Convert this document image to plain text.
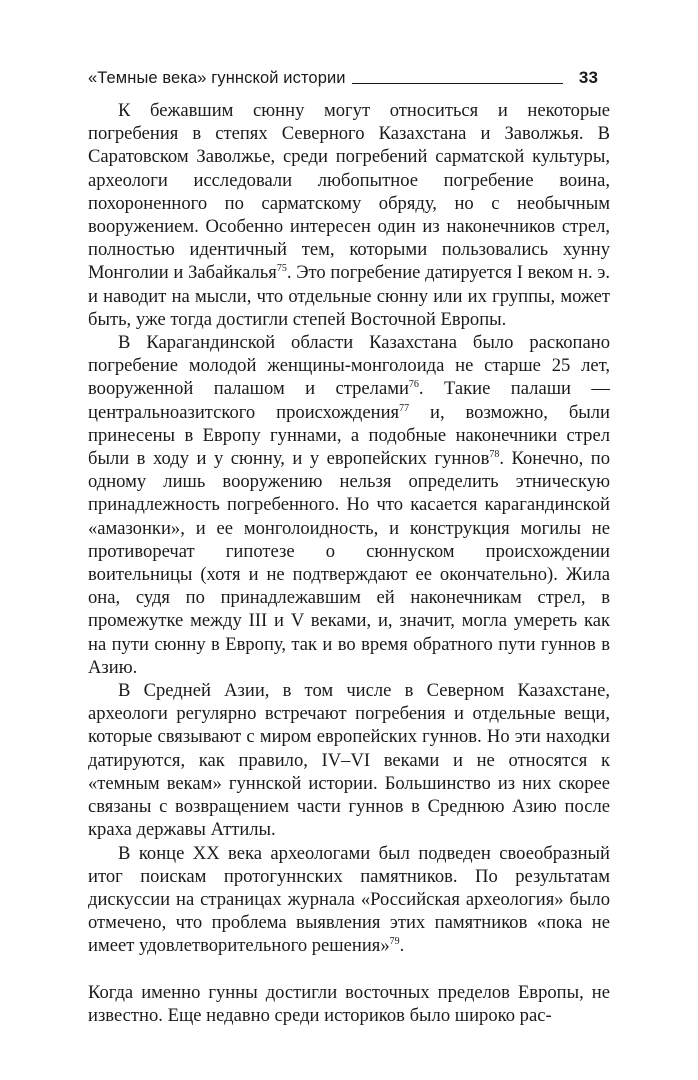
«Темные века» гуннской истории	33

К бежавшим сюнну могут относиться и некоторые погребения в степях Северного Казахстана и Заволжья. В Саратовском Заволжье, среди погребений сарматской культуры, археологи исследовали любопытное погребение воина, похороненного по сарматскому обряду, но с необычным вооружением. Особенно интересен один из наконечников стрел, полностью идентичный тем, которыми пользовались хунну Монголии и Забайкалья$^{75}$. Это погребение датируется I веком н. э. и наводит на мысли, что отдельные сюнну или их группы, может быть, уже тогда достигли степей Восточной Европы.

В Карагандинской области Казахстана было раскопано погребение молодой женщины-монголоида не старше 25 лет, вооруженной палашом и стрелами$^{76}$. Такие палаши — центральноазитского происхождения$^{77}$ и, возможно, были принесены в Европу гуннами, а подобные наконечники стрел были в ходу и у сюнну, и у европейских гуннов$^{78}$. Конечно, по одному лишь вооружению нельзя определить этническую принадлежность погребенного. Но что касается карагандинской «амазонки», и ее монголоидность, и конструкция могилы не противоречат гипотезе о сюннуском происхождении воительницы (хотя и не подтверждают ее окончательно). Жила она, судя по принадлежавшим ей наконечникам стрел, в промежутке между III и V веками, и, значит, могла умереть как на пути сюнну в Европу, так и во время обратного пути гуннов в Азию.

В Средней Азии, в том числе в Северном Казахстане, археологи регулярно встречают погребения и отдельные вещи, которые связывают с миром европейских гуннов. Но эти находки датируются, как правило, IV–VI веками и не относятся к «темным векам» гуннской истории. Большинство из них скорее связаны с возвращением части гуннов в Среднюю Азию после краха державы Аттилы.

В конце XX века археологами был подведен своеобразный итог поискам протогуннских памятников. По результатам дискуссии на страницах журнала «Российская археология» было отмечено, что проблема выявления этих памятников «пока не имеет удовлетворительного решения»$^{79}$.

Когда именно гунны достигли восточных пределов Европы, не известно. Еще недавно среди историков было широко рас-
